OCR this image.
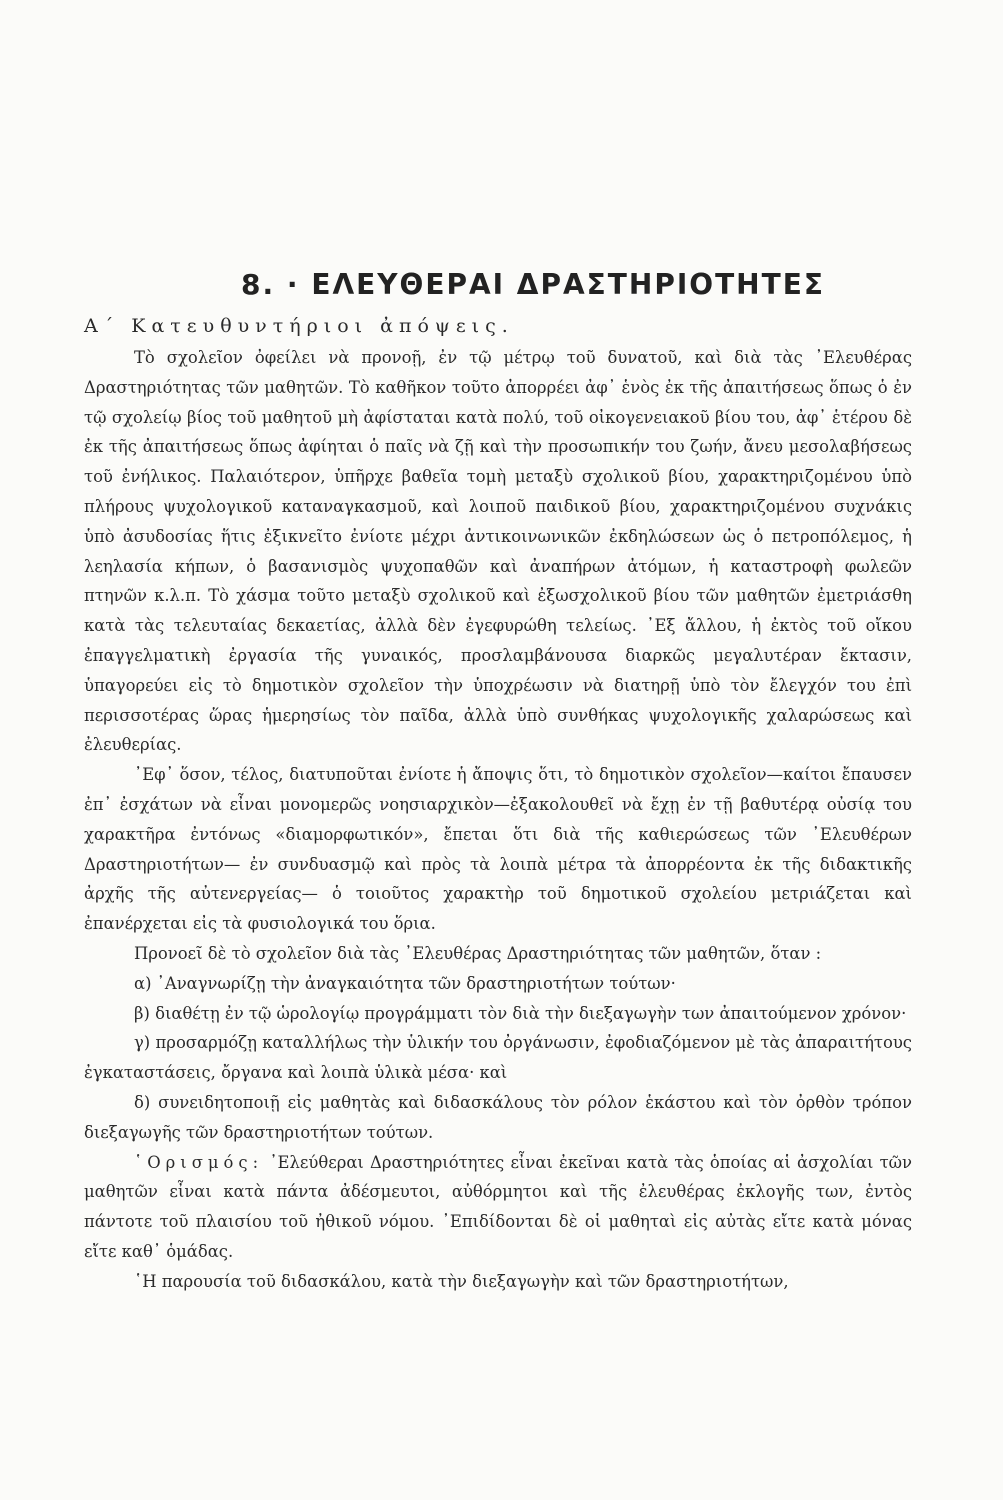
8. · ΕΛΕΥΘΕΡΑΙ ΔΡΑΣΤΗΡΙΟΤΗΤΕΣ
Α΄ Κατευθυντήριοι ἀπόψεις.

Τὸ σχολεῖον ὀφείλει νὰ προνοῇ, ἐν τῷ μέτρῳ τοῦ δυνατοῦ, καὶ διὰ τὰς ᾿Ελευθέρας Δραστηριότητας τῶν μαθητῶν. Τὸ καθῆκον τοῦτο ἀπορρέει ἀφ᾿ ἑνὸς ἐκ τῆς ἀπαιτήσεως ὅπως ὁ ἐν τῷ σχολείῳ βίος τοῦ μαθητοῦ μὴ ἀφίσταται κατὰ πολύ, τοῦ οἰκογενειακοῦ βίου του, ἀφ᾿ ἑτέρου δὲ ἐκ τῆς ἀπαιτήσεως ὅπως ἀφίηται ὁ παῖς νὰ ζῇ καὶ τὴν προσωπικήν του ζωήν, ἄνευ μεσολαβήσεως τοῦ ἐνήλικος. Παλαιότερον, ὑπῆρχε βαθεῖα τομὴ μεταξὺ σχολικοῦ βίου, χαρακτηριζομένου ὑπὸ πλήρους ψυχολογικοῦ καταναγκασμοῦ, καὶ λοιποῦ παιδικοῦ βίου, χαρακτηριζομένου συχνάκις ὑπὸ ἀσυδοσίας ἥτις ἐξικνεῖτο ἐνίοτε μέχρι ἀντικοινωνικῶν ἐκδηλώσεων ὡς ὁ πετροπόλεμος, ἡ λεηλασία κήπων, ὁ βασανισμὸς ψυχοπαθῶν καὶ ἀναπήρων ἀτόμων, ἡ καταστροφὴ φωλεῶν πτηνῶν κ.λ.π. Τὸ χάσμα τοῦτο μεταξὺ σχολικοῦ καὶ ἐξωσχολικοῦ βίου τῶν μαθητῶν ἐμετριάσθη κατὰ τὰς τελευταίας δεκαετίας, ἀλλὰ δὲν ἐγεφυρώθη τελείως. ᾿Εξ ἄλλου, ἡ ἐκτὸς τοῦ οἴκου ἐπαγγελματικὴ ἐργασία τῆς γυναικός, προσλαμβάνουσα διαρκῶς μεγαλυτέραν ἔκτασιν, ὑπαγορεύει εἰς τὸ δημοτικὸν σχολεῖον τὴν ὑποχρέωσιν νὰ διατηρῇ ὑπὸ τὸν ἔλεγχόν του ἐπὶ περισσοτέρας ὥρας ἡμερησίως τὸν παῖδα, ἀλλὰ ὑπὸ συνθήκας ψυχολογικῆς χαλαρώσεως καὶ ἐλευθερίας.

᾿Εφ᾿ ὅσον, τέλος, διατυποῦται ἐνίοτε ἡ ἄποψις ὅτι, τὸ δημοτικὸν σχολεῖον—καίτοι ἔπαυσεν ἐπ᾿ ἐσχάτων νὰ εἶναι μονομερῶς νοησιαρχικὸν—ἐξακολουθεῖ νὰ ἔχῃ ἐν τῇ βαθυτέρᾳ οὐσίᾳ του χαρακτῆρα ἐντόνως «διαμορφωτικόν», ἔπεται ὅτι διὰ τῆς καθιερώσεως τῶν ᾿Ελευθέρων Δραστηριοτήτων— ἐν συνδυασμῷ καὶ πρὸς τὰ λοιπὰ μέτρα τὰ ἀπορρέοντα ἐκ τῆς διδακτικῆς ἀρχῆς τῆς αὐτενεργείας— ὁ τοιοῦτος χαρακτὴρ τοῦ δημοτικοῦ σχολείου μετριάζεται καὶ ἐπανέρχεται εἰς τὰ φυσιολογικά του ὅρια.

Προνοεῖ δὲ τὸ σχολεῖον διὰ τὰς ᾿Ελευθέρας Δραστηριότητας τῶν μαθητῶν, ὅταν :

α) ᾿Αναγνωρίζῃ τὴν ἀναγκαιότητα τῶν δραστηριοτήτων τούτων·

β) διαθέτῃ ἐν τῷ ὡρολογίῳ προγράμματι τὸν διὰ τὴν διεξαγωγὴν των ἀπαιτούμενον χρόνον·

γ) προσαρμόζῃ καταλλήλως τὴν ὑλικήν του ὀργάνωσιν, ἐφοδιαζόμενον μὲ τὰς ἀπαραιτήτους ἐγκαταστάσεις, ὄργανα καὶ λοιπὰ ὑλικὰ μέσα· καὶ

δ) συνειδητοποιῇ εἰς μαθητὰς καὶ διδασκάλους τὸν ρόλον ἑκάστου καὶ τὸν ὀρθὸν τρόπον διεξαγωγῆς τῶν δραστηριοτήτων τούτων.

῾Ορισμός: ᾿Ελεύθεραι Δραστηριότητες εἶναι ἐκεῖναι κατὰ τὰς ὁποίας αἱ ἀσχολίαι τῶν μαθητῶν εἶναι κατὰ πάντα ἀδέσμευτοι, αὐθόρμητοι καὶ τῆς ἐλευθέρας ἐκλογῆς των, ἐντὸς πάντοτε τοῦ πλαισίου τοῦ ἠθικοῦ νόμου. ᾿Επιδίδονται δὲ οἱ μαθηταὶ εἰς αὐτὰς εἴτε κατὰ μόνας εἴτε καθ᾿ ὁμάδας.

῾Η παρουσία τοῦ διδασκάλου, κατὰ τὴν διεξαγωγὴν καὶ τῶν δραστηριοτήτων,
